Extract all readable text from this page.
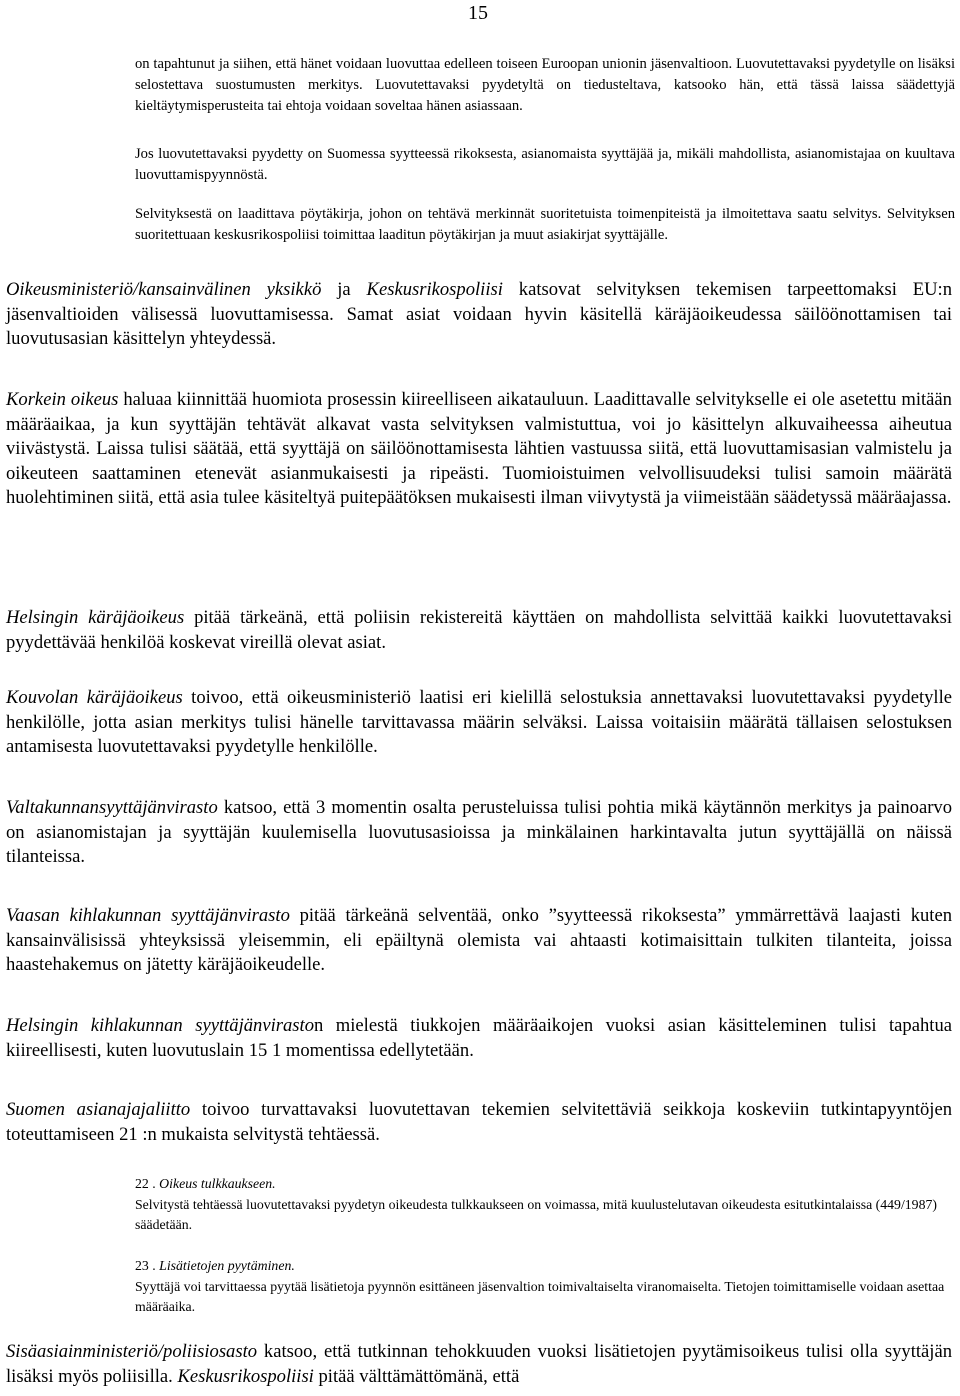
15

on tapahtunut ja siihen, että hänet voidaan luovuttaa edelleen toiseen Euroopan unionin jäsenvaltioon. Luovutettavaksi pyydetylle on lisäksi selostettava suostumusten merkitys. Luovutettavaksi pyydetyltä on tiedusteltava, katsooko hän, että tässä laissa säädettyjä kieltäytymisperusteita tai ehtoja voidaan soveltaa hänen asiassaan.

Jos luovutettavaksi pyydetty on Suomessa syytteessä rikoksesta, asianomaista syyttäjää ja, mikäli mahdollista, asianomistajaa on kuultava luovuttamispyynnöstä.

Selvityksestä on laadittava pöytäkirja, johon on tehtävä merkinnät suoritetuista toimenpiteistä ja ilmoitettava saatu selvitys. Selvityksen suoritettuaan keskusrikospoliisi toimittaa laaditun pöytäkirjan ja muut asiakirjat syyttäjälle.

Oikeusministeriö/kansainvälinen yksikkö ja Keskusrikospoliisi katsovat selvityksen tekemisen tarpeettomaksi EU:n jäsenvaltioiden välisessä luovuttamisessa. Samat asiat voidaan hyvin käsitellä käräjäoikeudessa säilöönottamisen tai luovutusasian käsittelyn yhteydessä.

Korkein oikeus haluaa kiinnittää huomiota prosessin kiireelliseen aikatauluun. Laadittavalle selvitykselle ei ole asetettu mitään määräaikaa, ja kun syyttäjän tehtävät alkavat vasta selvityksen valmistuttua, voi jo käsittelyn alkuvaiheessa aiheutua viivästystä. Laissa tulisi säätää, että syyttäjä on säilöönottamisesta lähtien vastuussa siitä, että luovuttamisasian valmistelu ja oikeuteen saattaminen etenevät asianmukaisesti ja ripeästi. Tuomioistuimen velvollisuudeksi tulisi samoin määrätä huolehtiminen siitä, että asia tulee käsiteltyä puitepäätöksen mukaisesti ilman viivytystä ja viimeistään säädetyssä määräajassa.

Helsingin käräjäoikeus pitää tärkeänä, että poliisin rekistereitä käyttäen on mahdollista selvittää kaikki luovutettavaksi pyydettävää henkilöä koskevat vireillä olevat asiat.

Kouvolan käräjäoikeus toivoo, että oikeusministeriö laatisi eri kielillä selostuksia annettavaksi luovutettavaksi pyydetylle henkilölle, jotta asian merkitys tulisi hänelle tarvittavassa määrin selväksi. Laissa voitaisiin määrätä tällaisen selostuksen antamisesta luovutettavaksi pyydetylle henkilölle.

Valtakunnansyyttäjänvirasto katsoo, että 3 momentin osalta perusteluissa tulisi pohtia mikä käytännön merkitys ja painoarvo on asianomistajan ja syyttäjän kuulemisella luovutusasioissa ja minkälainen harkintavalta jutun syyttäjällä on näissä tilanteissa.

Vaasan kihlakunnan syyttäjänvirasto pitää tärkeänä selventää, onko ”syytteessä rikoksesta” ymmärrettävä laajasti kuten kansainvälisissä yhteyksissä yleisemmin, eli epäiltynä olemista vai ahtaasti kotimaisittain tulkiten tilanteita, joissa haastehakemus on jätetty käräjäoikeudelle.

Helsingin kihlakunnan syyttäjänviraston mielestä tiukkojen määräaikojen vuoksi asian käsitteleminen tulisi tapahtua kiireellisesti, kuten luovutuslain 15 1 momentissa edellytetään.

Suomen asianajajaliitto toivoo turvattavaksi luovutettavan tekemien selvitettäviä seikkoja koskeviin tutkintapyyntöjen toteuttamiseen 21 :n mukaista selvitystä tehtäessä.

22 . Oikeus tulkkaukseen.
Selvitystä tehtäessä luovutettavaksi pyydetyn oikeudesta tulkkaukseen on voimassa, mitä kuulustelutavan oikeudesta esitutkintalaissa (449/1987) säädetään.
23 . Lisätietojen pyytäminen.
Syyttäjä voi tarvittaessa pyytää lisätietoja pyynnön esittäneen jäsenvaltion toimivaltaiselta viranomaiselta. Tietojen toimittamiselle voidaan asettaa määräaika.

Sisäasiainministeriö/poliisiosasto katsoo, että tutkinnan tehokkuuden vuoksi lisätietojen pyytämisoikeus tulisi olla syyttäjän lisäksi myös poliisilla. Keskusrikospoliisi pitää välttämättömänä, että
